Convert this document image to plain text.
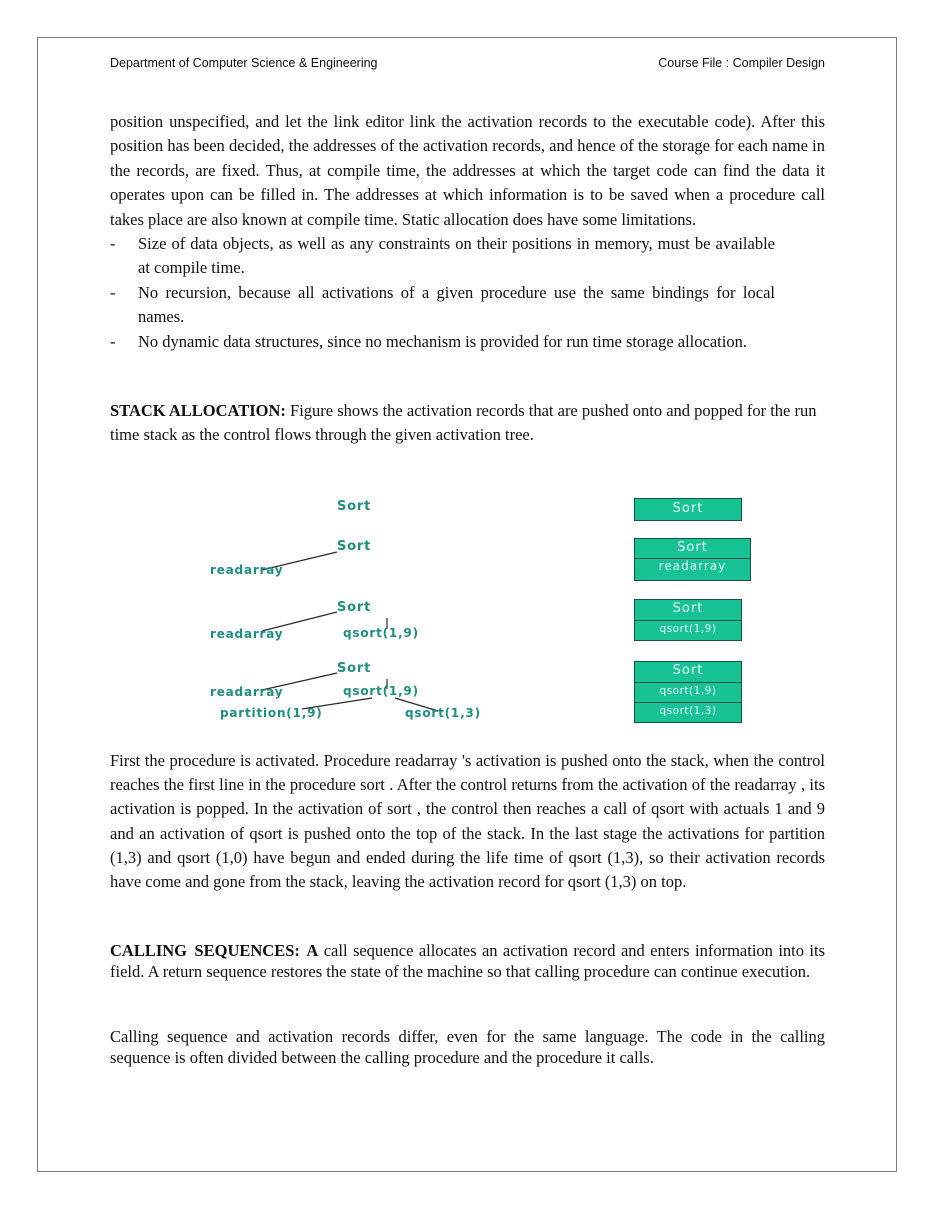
Department of Computer Science & Engineering	Course File : Compiler Design

position unspecified, and let the link editor link the activation records to the executable code). After this position has been decided, the addresses of the activation records, and hence of the storage for each name in the records, are fixed. Thus, at compile time, the addresses at which the target code can find the data it operates upon can be filled in. The addresses at which information is to be saved when a procedure call takes place are also known at compile time. Static allocation does have some limitations.

-	Size of data objects, as well as any constraints on their positions in memory, must be available at compile time.
-	No recursion, because all activations of a given procedure use the same bindings for local names.
-	No dynamic data structures, since no mechanism is provided for run time storage allocation.

STACK ALLOCATION: Figure shows the activation records that are pushed onto and popped for the run time stack as the control flows through the given activation tree.

Sort
Sort
readarray
Sort
readarray	qsort(1,9)
Sort
readarray	qsort(1,9)
partition(1,9)	qsort(1,3)
Sort
Sort
readarray
Sort
qsort(1,9)
Sort
qsort(1,9)
qsort(1,3)

First the procedure is activated. Procedure readarray 's activation is pushed onto the stack, when the control reaches the first line in the procedure sort . After the control returns from the activation of the readarray , its activation is popped. In the activation of sort , the control then reaches a call of qsort with actuals 1 and 9 and an activation of qsort is pushed onto the top of the stack. In the last stage the activations for partition (1,3) and qsort (1,0) have begun and ended during the life time of qsort (1,3), so their activation records have come and gone from the stack, leaving the activation record for qsort (1,3) on top.

CALLING SEQUENCES: A call sequence allocates an activation record and enters information into its field. A return sequence restores the state of the machine so that calling procedure can continue execution.

Calling sequence and activation records differ, even for the same language. The code in the calling sequence is often divided between the calling procedure and the procedure it calls.
